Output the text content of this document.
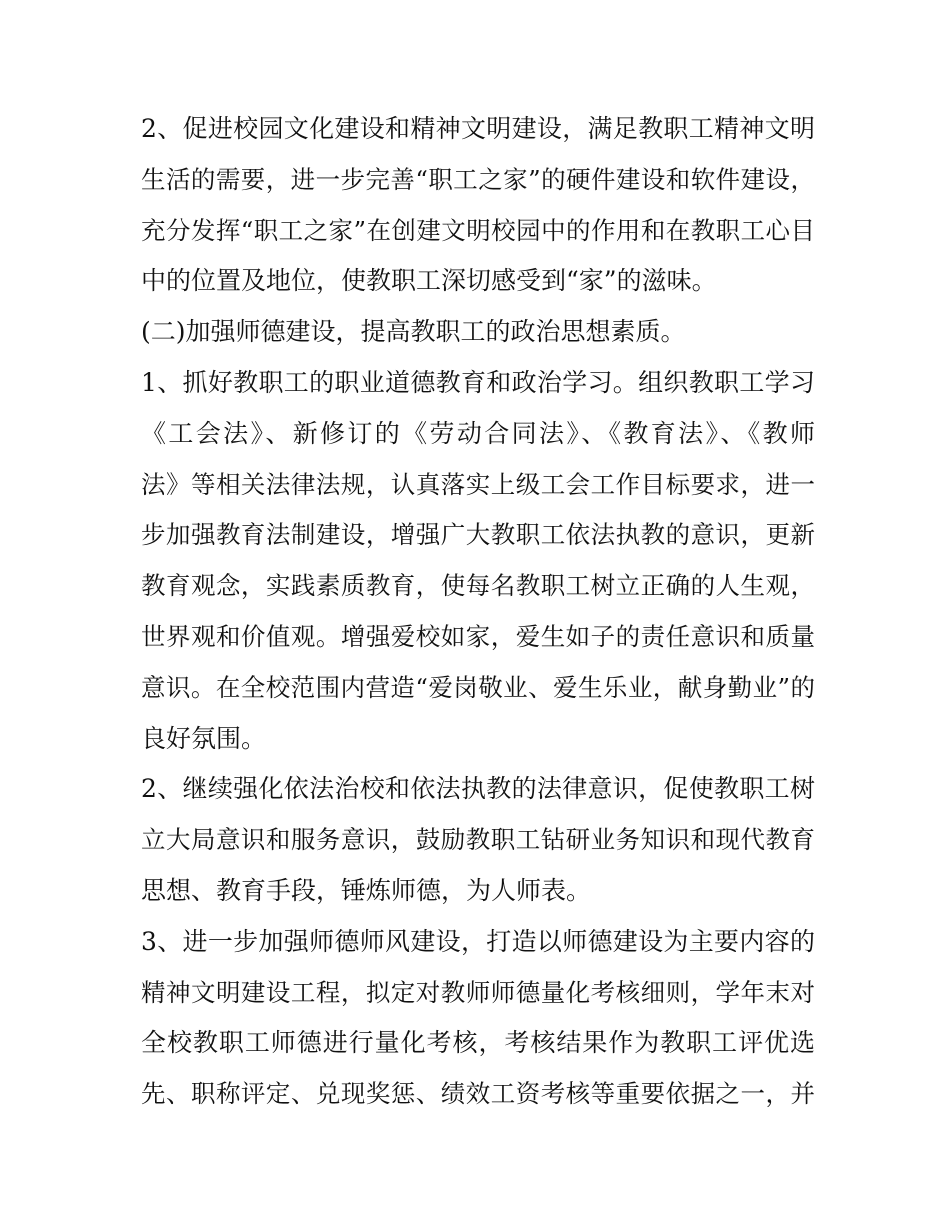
2、促进校园文化建设和精神文明建设，满足教职工精神文明
生活的需要，进一步完善“职工之家”的硬件建设和软件建设，
充分发挥“职工之家”在创建文明校园中的作用和在教职工心目
中的位置及地位，使教职工深切感受到“家”的滋味。
(二)加强师德建设，提高教职工的政治思想素质。
1、抓好教职工的职业道德教育和政治学习。组织教职工学习
《工会法》、新修订的《劳动合同法》、《教育法》、《教师
法》等相关法律法规，认真落实上级工会工作目标要求，进一
步加强教育法制建设，增强广大教职工依法执教的意识，更新
教育观念，实践素质教育，使每名教职工树立正确的人生观，
世界观和价值观。增强爱校如家，爱生如子的责任意识和质量
意识。在全校范围内营造“爱岗敬业、爱生乐业，献身勤业”的
良好氛围。
2、继续强化依法治校和依法执教的法律意识，促使教职工树
立大局意识和服务意识，鼓励教职工钻研业务知识和现代教育
思想、教育手段，锤炼师德，为人师表。
3、进一步加强师德师风建设，打造以师德建设为主要内容的
精神文明建设工程，拟定对教师师德量化考核细则，学年末对
全校教职工师德进行量化考核，考核结果作为教职工评优选
先、职称评定、兑现奖惩、绩效工资考核等重要依据之一，并
